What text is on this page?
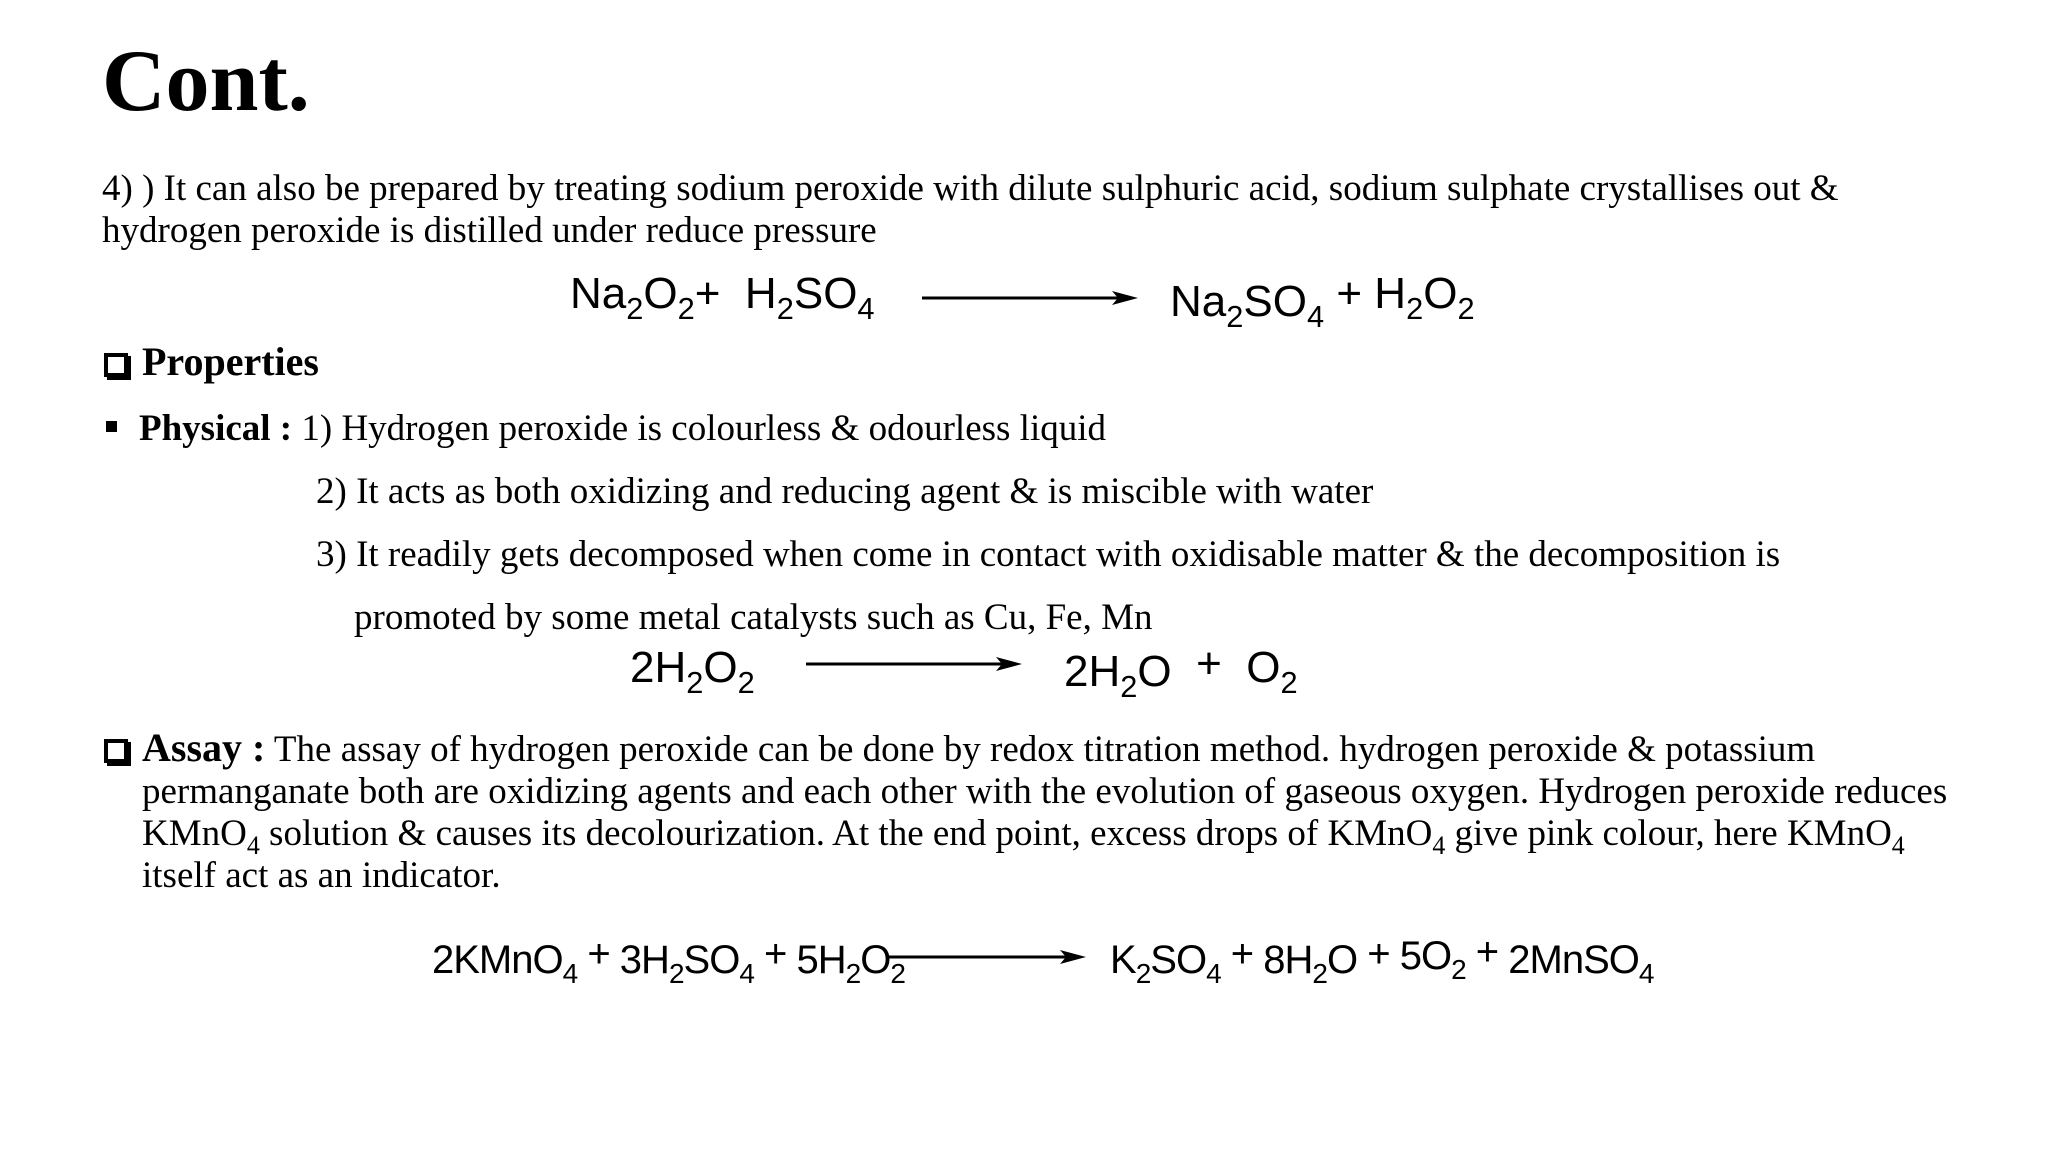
Cont.
4) ) It can also be prepared by treating sodium peroxide with dilute sulphuric acid, sodium sulphate crystallises out & hydrogen peroxide is distilled under reduce pressure
$Na_2O_2+ H_2SO_4$	$Na_2SO_4 + H_2O_2$
Properties
Physical : 1) Hydrogen peroxide is colourless & odourless liquid
2) It acts as both oxidizing and reducing agent & is miscible with water
3) It readily gets decomposed when come in contact with oxidisable matter & the decomposition is
promoted by some metal catalysts such as Cu, Fe, Mn
$2H_2O_2$	$2H_2O + O_2$
Assay : The assay of hydrogen peroxide can be done by redox titration method. hydrogen peroxide & potassium permanganate both are oxidizing agents and each other with the evolution of gaseous oxygen. Hydrogen peroxide reduces KMnO$_4$ solution & causes its decolourization. At the end point, excess drops of KMnO$_4$ give pink colour, here KMnO$_4$ itself act as an indicator.
2KMnO$_4$ + $3H_2SO_4 + 5H_2O_2$	$K_2SO_4 + 8H_2O + 5O_2$ + 2MnSO$_4$
